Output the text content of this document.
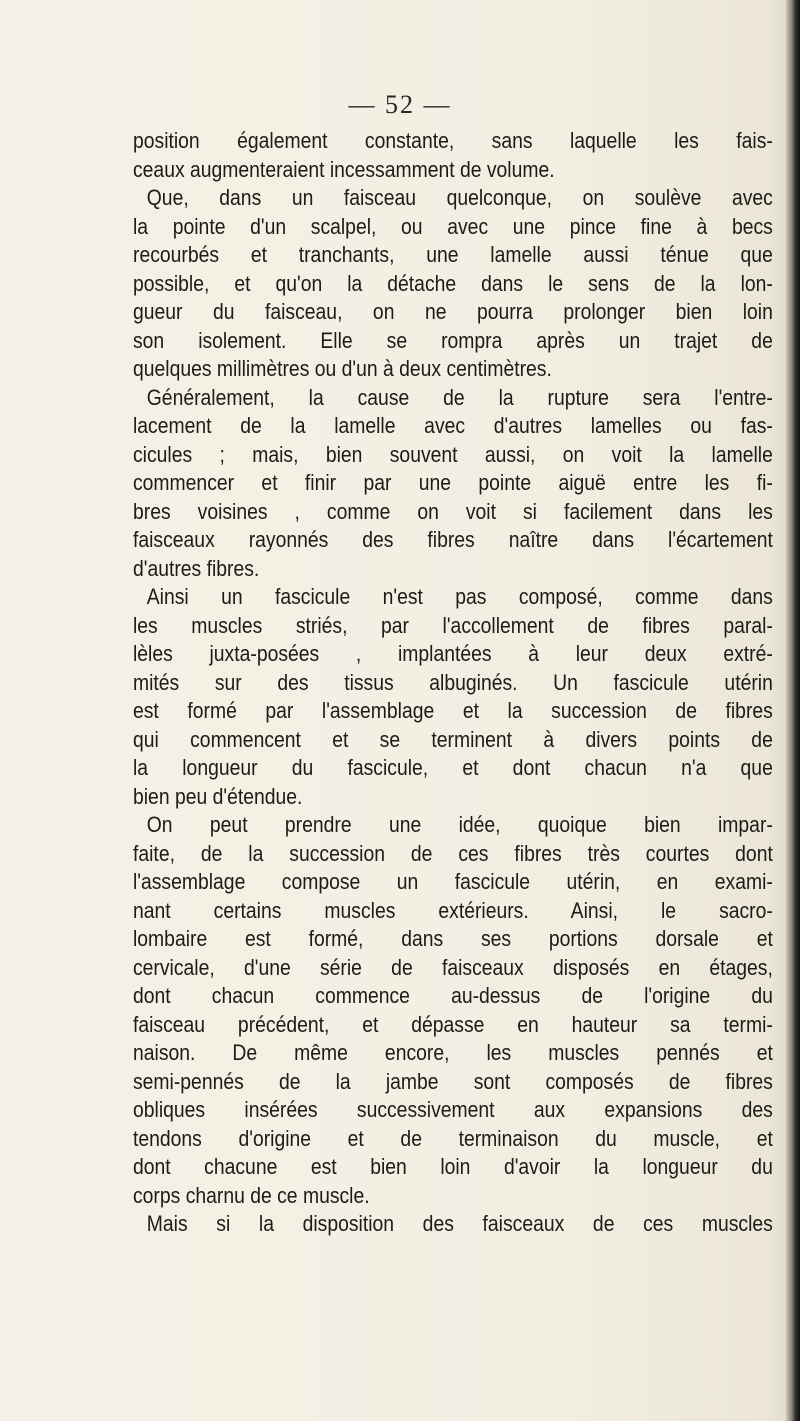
— 52 —
position également constante, sans laquelle les fais-
ceaux augmenteraient incessamment de volume.
Que, dans un faisceau quelconque, on soulève avec
la pointe d'un scalpel, ou avec une pince fine à becs
recourbés et tranchants, une lamelle aussi ténue que
possible, et qu'on la détache dans le sens de la lon-
gueur du faisceau, on ne pourra prolonger bien loin
son isolement. Elle se rompra après un trajet de
quelques millimètres ou d'un à deux centimètres.
Généralement, la cause de la rupture sera l'entre-
lacement de la lamelle avec d'autres lamelles ou fas-
cicules ; mais, bien souvent aussi, on voit la lamelle
commencer et finir par une pointe aiguë entre les fi-
bres voisines , comme on voit si facilement dans les
faisceaux rayonnés des fibres naître dans l'écartement
d'autres fibres.
Ainsi un fascicule n'est pas composé, comme dans
les muscles striés, par l'accollement de fibres paral-
lèles juxta-posées , implantées à leur deux extré-
mités sur des tissus albuginés. Un fascicule utérin
est formé par l'assemblage et la succession de fibres
qui commencent et se terminent à divers points de
la longueur du fascicule, et dont chacun n'a que
bien peu d'étendue.
On peut prendre une idée, quoique bien impar-
faite, de la succession de ces fibres très courtes dont
l'assemblage compose un fascicule utérin, en exami-
nant certains muscles extérieurs. Ainsi, le sacro-
lombaire est formé, dans ses portions dorsale et
cervicale, d'une série de faisceaux disposés en étages,
dont chacun commence au-dessus de l'origine du
faisceau précédent, et dépasse en hauteur sa termi-
naison. De même encore, les muscles pennés et
semi-pennés de la jambe sont composés de fibres
obliques insérées successivement aux expansions des
tendons d'origine et de terminaison du muscle, et
dont chacune est bien loin d'avoir la longueur du
corps charnu de ce muscle.
Mais si la disposition des faisceaux de ces muscles
